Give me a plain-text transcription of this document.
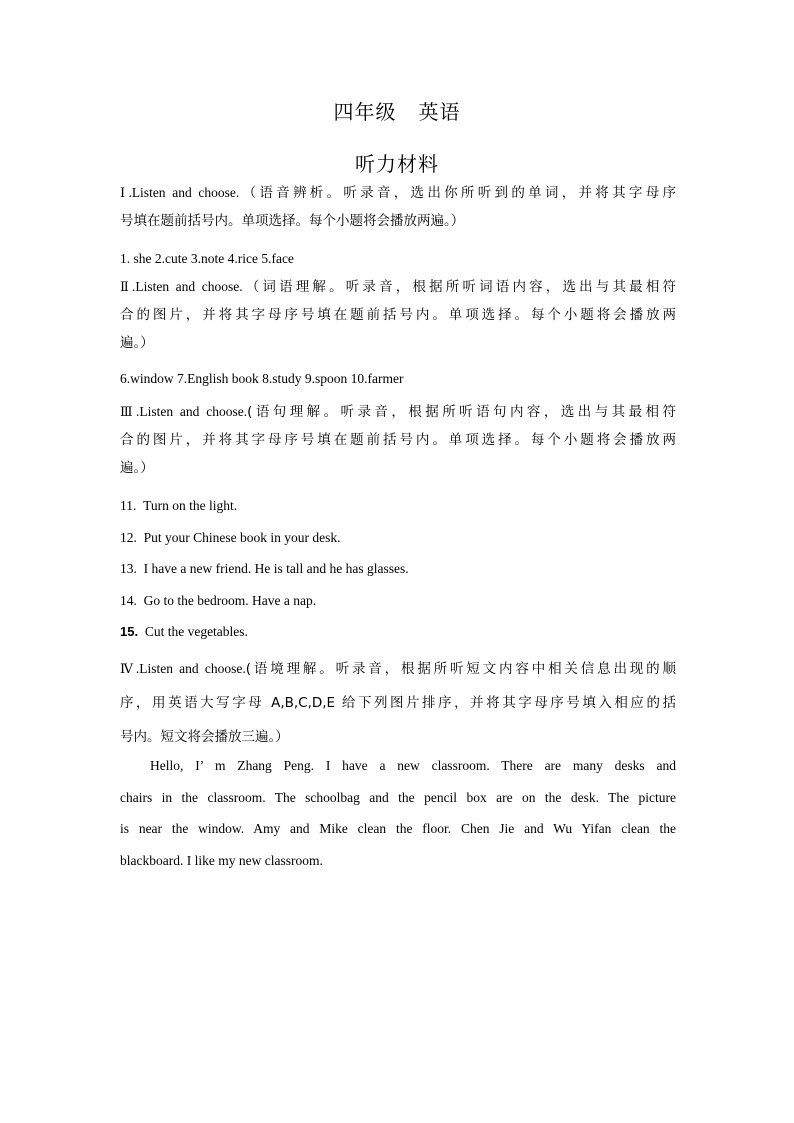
四年级 英语
听力材料
Ⅰ.Listen and choose.（语音辨析。听录音，选出你所听到的单词，并将其字母序
号填在题前括号内。单项选择。每个小题将会播放两遍。）
1. she 2.cute 3.note 4.rice 5.face
Ⅱ.Listen and choose.（词语理解。听录音，根据所听词语内容，选出与其最相符
合的图片，并将其字母序号填在题前括号内。单项选择。每个小题将会播放两
遍。）
6.window 7.English book 8.study 9.spoon 10.farmer
Ⅲ.Listen and choose.(语句理解。听录音，根据所听语句内容，选出与其最相符
合的图片，并将其字母序号填在题前括号内。单项选择。每个小题将会播放两
遍。）
11. Turn on the light.
12. Put your Chinese book in your desk.
13. I have a new friend. He is tall and he has glasses.
14. Go to the bedroom. Have a nap.
15. Cut the vegetables.
Ⅳ.Listen and choose.(语境理解。听录音，根据所听短文内容中相关信息出现的顺
序，用英语大写字母 A,B,C,D,E 给下列图片排序，并将其字母序号填入相应的括
号内。短文将会播放三遍。）
Hello, I’ m Zhang Peng. I have a new classroom. There are many desks and
chairs in the classroom. The schoolbag and the pencil box are on the desk. The picture
is near the window. Amy and Mike clean the floor. Chen Jie and Wu Yifan clean the
blackboard. I like my new classroom.
